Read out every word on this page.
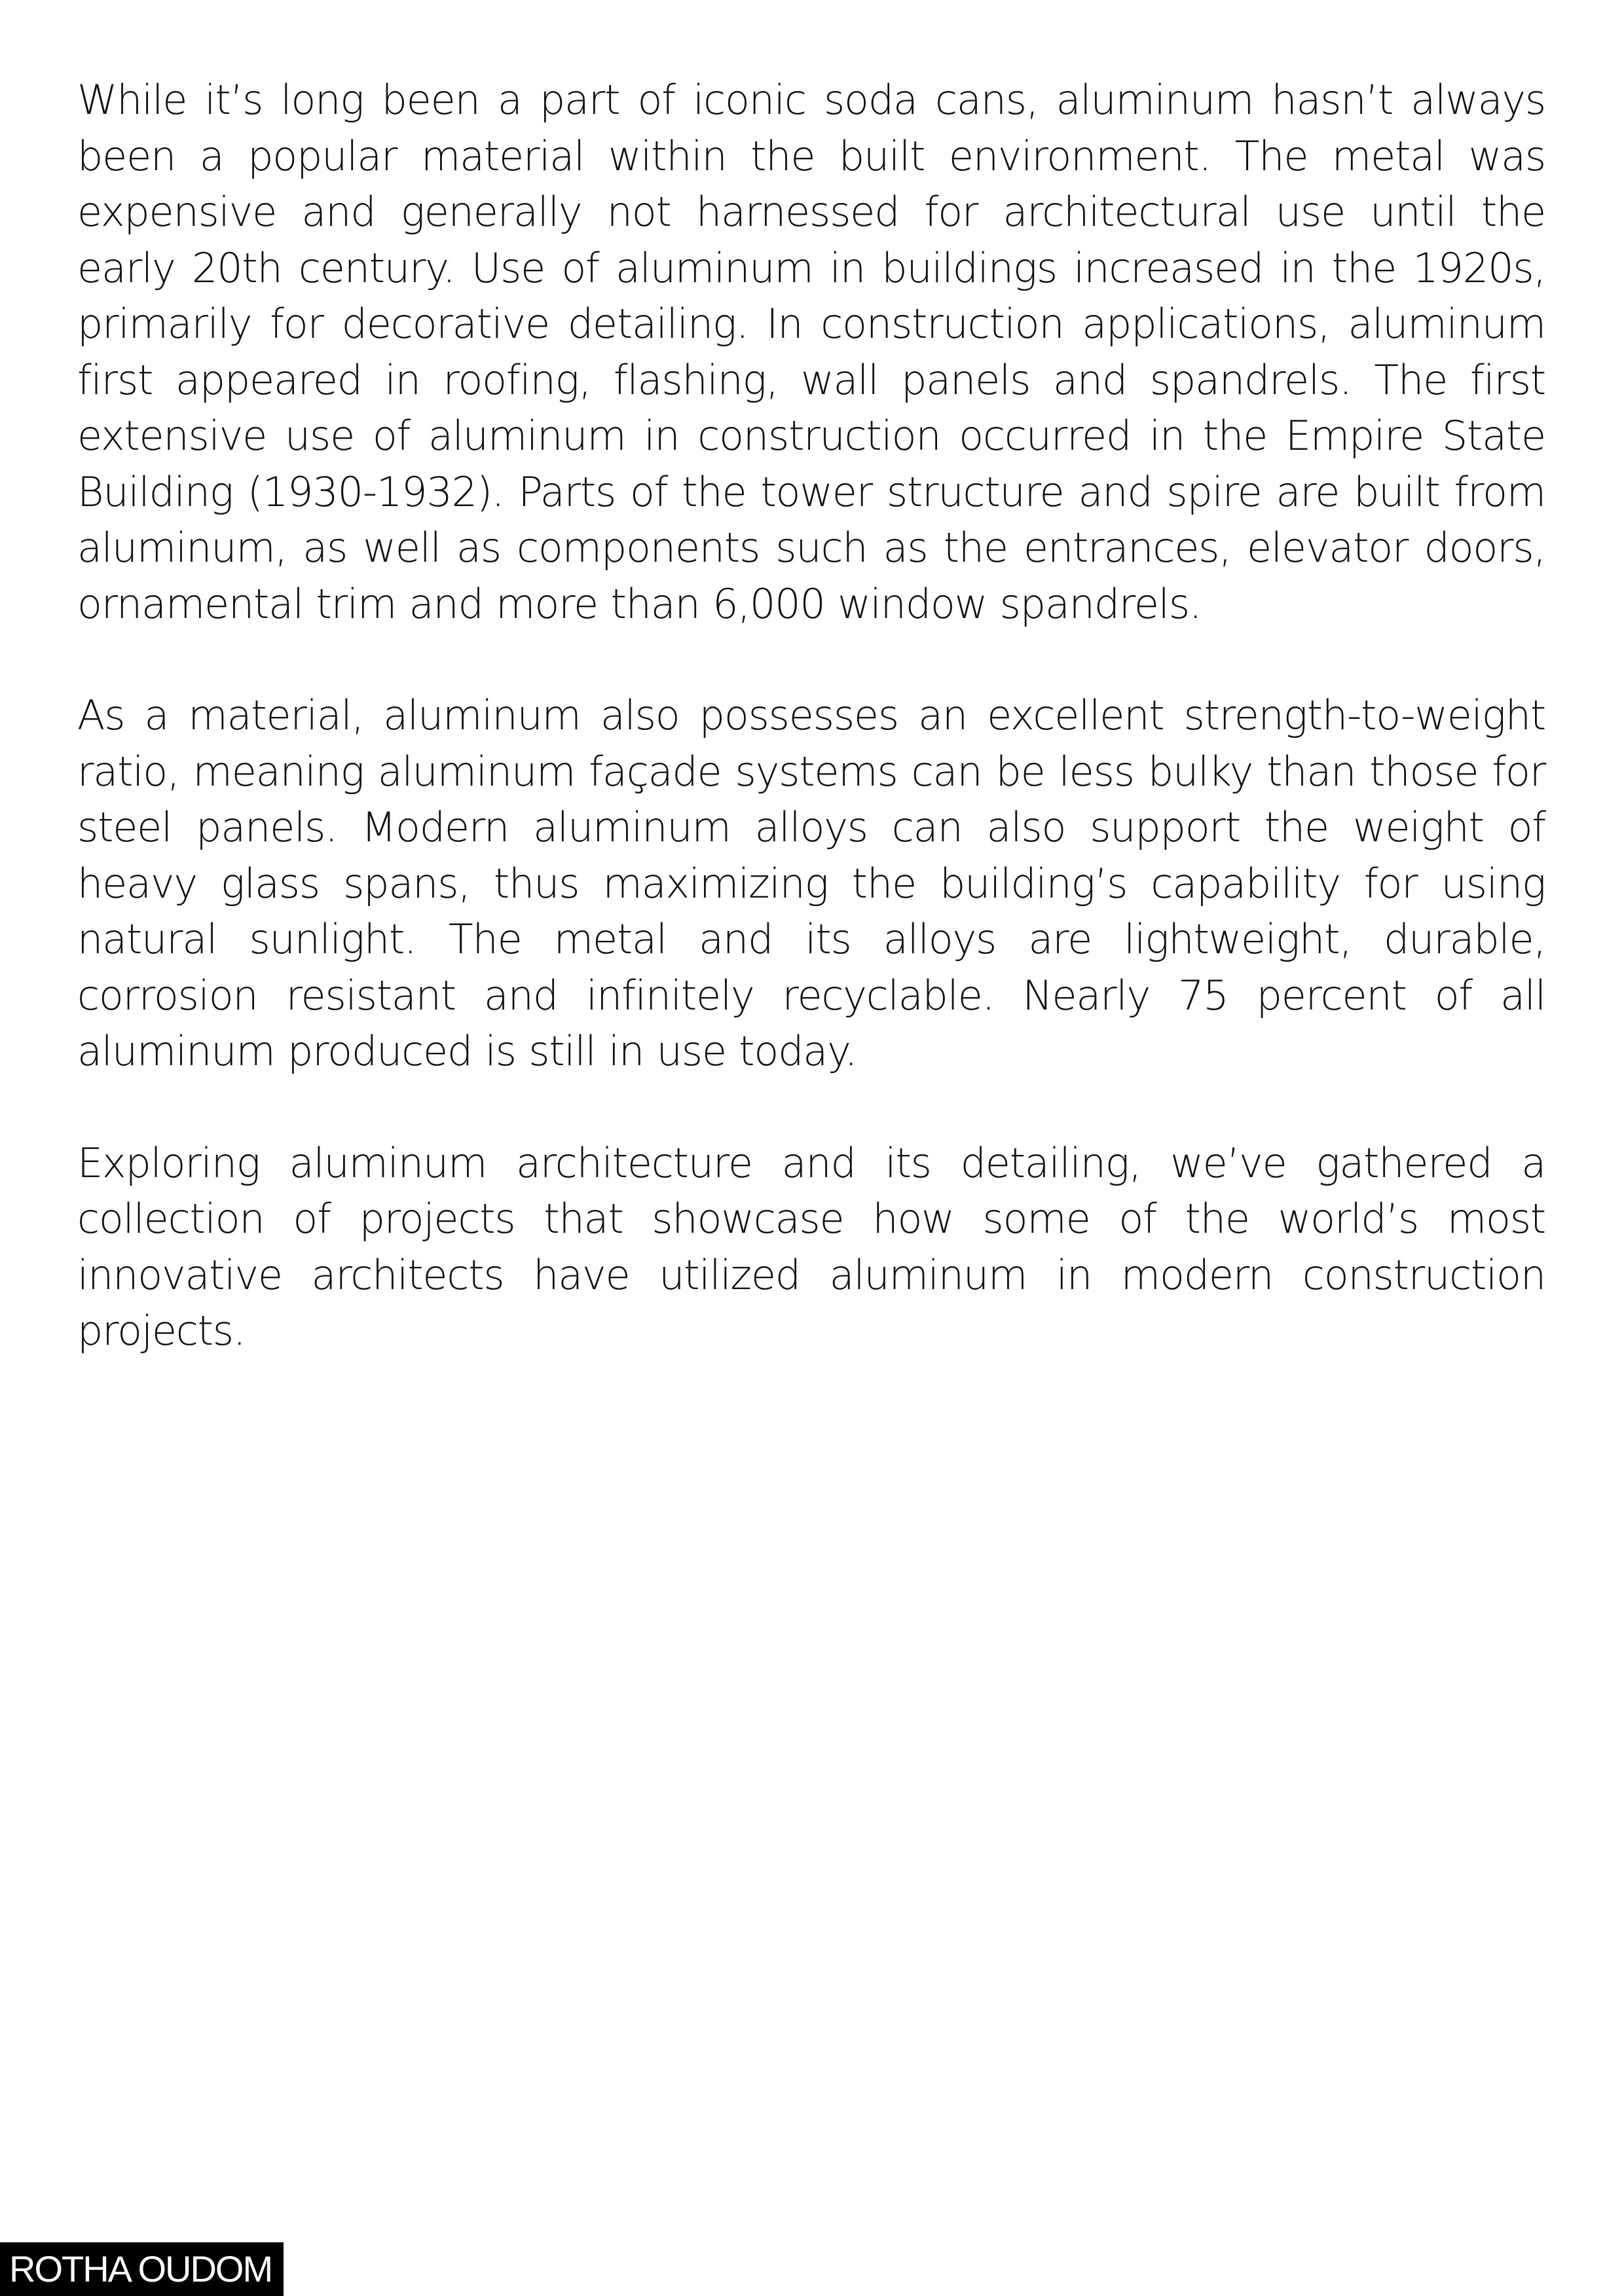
While it’s long been a part of iconic soda cans, aluminum hasn’t always been a popular material within the built environment. The metal was expensive and generally not harnessed for architectural use until the early 20th century. Use of aluminum in buildings increased in the 1920s, primarily for decorative detailing. In construction applications, aluminum first appeared in roofing, flashing, wall panels and spandrels. The first extensive use of aluminum in construction occurred in the Empire State Building (1930-1932). Parts of the tower structure and spire are built from aluminum, as well as components such as the entrances, elevator doors, ornamental trim and more than 6,000 window spandrels.

As a material, aluminum also possesses an excellent strength-to-weight ratio, meaning aluminum façade systems can be less bulky than those for steel panels. Modern aluminum alloys can also support the weight of heavy glass spans, thus maximizing the building’s capability for using natural sunlight. The metal and its alloys are lightweight, durable, corrosion resistant and infinitely recyclable. Nearly 75 percent of all aluminum produced is still in use today.

Exploring aluminum architecture and its detailing, we’ve gathered a collection of projects that showcase how some of the world’s most innovative architects have utilized aluminum in modern construction projects.

ROTHA OUDOM
